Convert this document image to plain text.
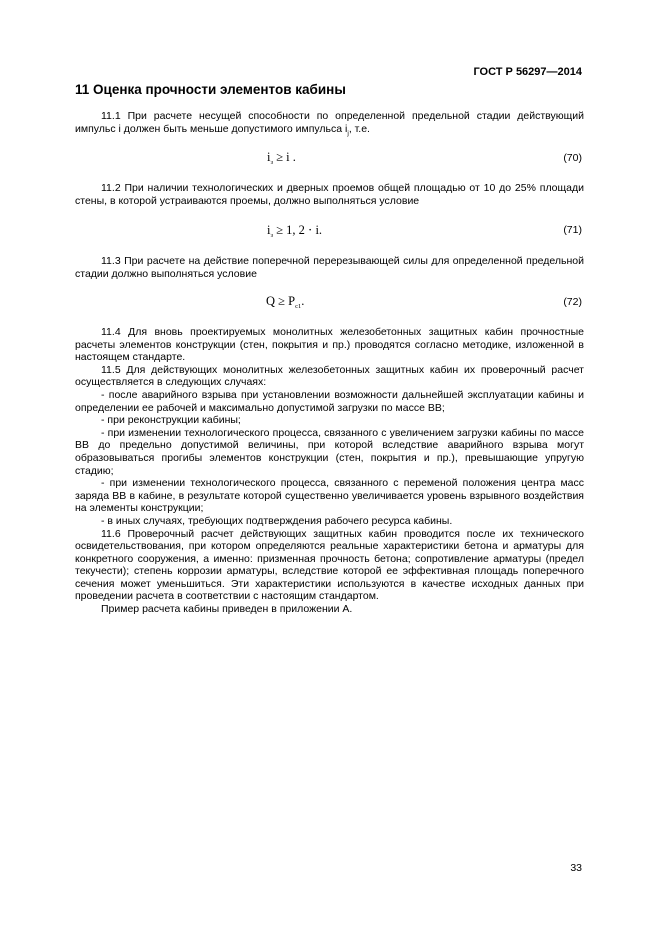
ГОСТ Р 56297—2014
11 Оценка прочности элементов кабины

11.1 При расчете несущей способности по определенной предельной стадии действующий импульс i должен быть меньше допустимого импульса $i_j$, т.е.

$i_з \ge i$ .	(70)

11.2 При наличии технологических и дверных проемов общей площадью от 10 до 25% площади стены, в которой устраиваются проемы, должно выполняться условие

$i_з \ge 1$, 2 ⋅ i.	(71)

11.3 При расчете на действие поперечной перерезывающей силы для определенной предельной стадии должно выполняться условие

$Q \ge P_{с1}$.	(72)

11.4 Для вновь проектируемых монолитных железобетонных защитных кабин прочностные расчеты элементов конструкции (стен, покрытия и пр.) проводятся согласно методике, изложенной в настоящем стандарте.

11.5 Для действующих монолитных железобетонных защитных кабин их проверочный расчет осуществляется в следующих случаях:

- после аварийного взрыва при установлении возможности дальнейшей эксплуатации кабины и определении ее рабочей и максимально допустимой загрузки по массе ВВ;

- при реконструкции кабины;

- при изменении технологического процесса, связанного с увеличением загрузки кабины по массе ВВ до предельно допустимой величины, при которой вследствие аварийного взрыва могут образовываться прогибы элементов конструкции (стен, покрытия и пр.), превышающие упругую стадию;

- при изменении технологического процесса, связанного с переменой положения центра масс заряда ВВ в кабине, в результате которой существенно увеличивается уровень взрывного воздействия на элементы конструкции;

- в иных случаях, требующих подтверждения рабочего ресурса кабины.

11.6 Проверочный расчет действующих защитных кабин проводится после их технического освидетельствования, при котором определяются реальные характеристики бетона и арматуры для конкретного сооружения, а именно: призменная прочность бетона; сопротивление арматуры (предел текучести); степень коррозии арматуры, вследствие которой ее эффективная площадь поперечного сечения может уменьшиться. Эти характеристики используются в качестве исходных данных при проведении расчета в соответствии с настоящим стандартом.

Пример расчета кабины приведен в приложении А.

33
